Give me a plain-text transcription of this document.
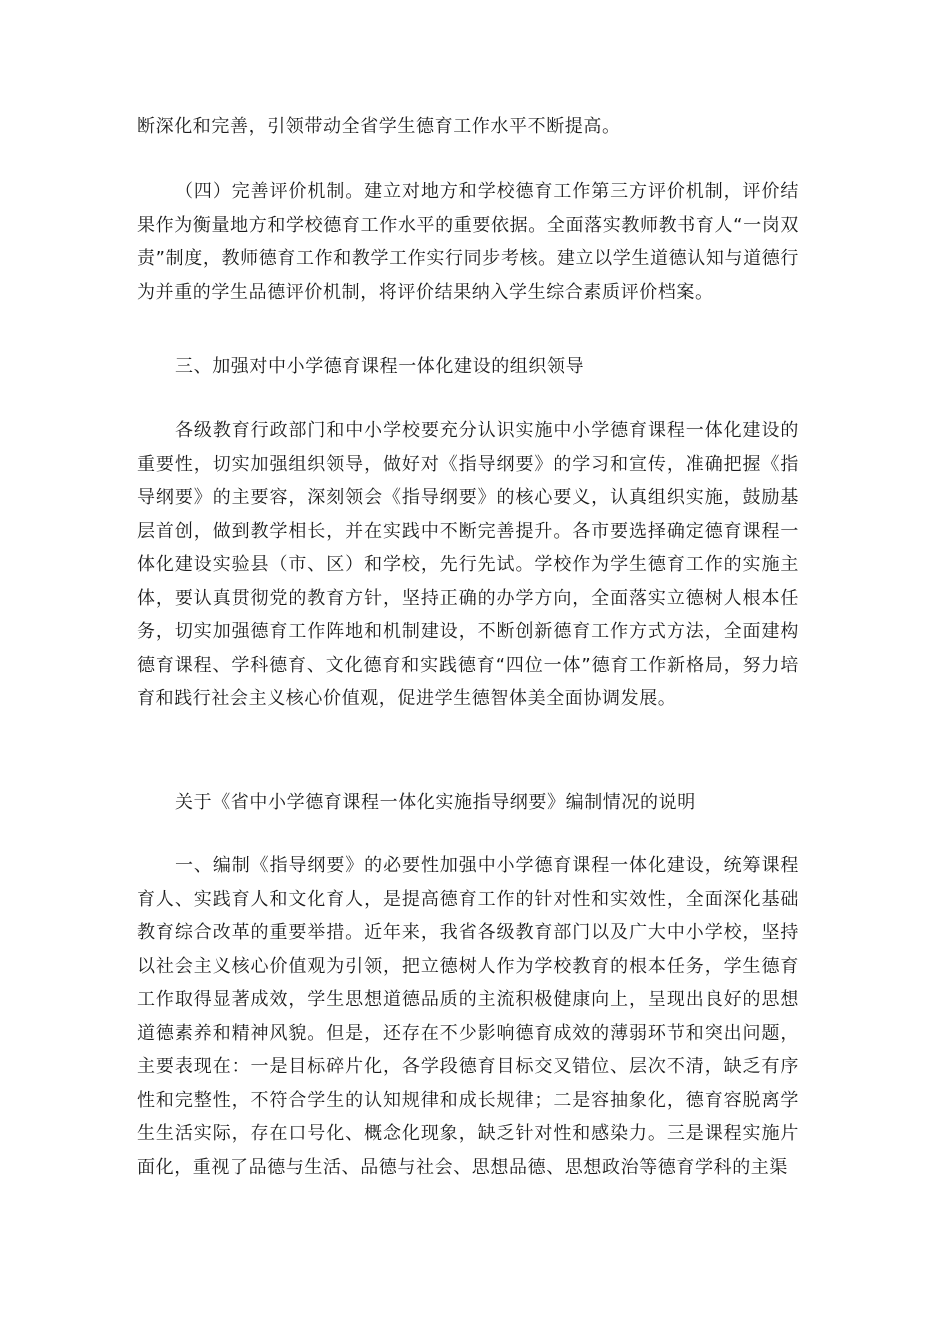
断深化和完善，引领带动全省学生德育工作水平不断提高。

（四）完善评价机制。建立对地方和学校德育工作第三方评价机制，评价结果作为衡量地方和学校德育工作水平的重要依据。全面落实教师教书育人“一岗双责”制度，教师德育工作和教学工作实行同步考核。建立以学生道德认知与道德行为并重的学生品德评价机制，将评价结果纳入学生综合素质评价档案。

三、加强对中小学德育课程一体化建设的组织领导

各级教育行政部门和中小学校要充分认识实施中小学德育课程一体化建设的重要性，切实加强组织领导，做好对《指导纲要》的学习和宣传，准确把握《指导纲要》的主要容，深刻领会《指导纲要》的核心要义，认真组织实施，鼓励基层首创，做到教学相长，并在实践中不断完善提升。各市要选择确定德育课程一体化建设实验县（市、区）和学校，先行先试。学校作为学生德育工作的实施主体，要认真贯彻党的教育方针，坚持正确的办学方向，全面落实立德树人根本任务，切实加强德育工作阵地和机制建设，不断创新德育工作方式方法，全面建构德育课程、学科德育、文化德育和实践德育“四位一体”德育工作新格局，努力培育和践行社会主义核心价值观，促进学生德智体美全面协调发展。

关于《省中小学德育课程一体化实施指导纲要》编制情况的说明

一、编制《指导纲要》的必要性加强中小学德育课程一体化建设，统筹课程育人、实践育人和文化育人，是提高德育工作的针对性和实效性，全面深化基础教育综合改革的重要举措。近年来，我省各级教育部门以及广大中小学校，坚持以社会主义核心价值观为引领，把立德树人作为学校教育的根本任务，学生德育工作取得显著成效，学生思想道德品质的主流积极健康向上，呈现出良好的思想道德素养和精神风貌。但是，还存在不少影响德育成效的薄弱环节和突出问题，主要表现在：一是目标碎片化，各学段德育目标交叉错位、层次不清，缺乏有序性和完整性，不符合学生的认知规律和成长规律；二是容抽象化，德育容脱离学生生活实际，存在口号化、概念化现象，缺乏针对性和感染力。三是课程实施片面化，重视了品德与生活、品德与社会、思想品德、思想政治等德育学科的主渠
